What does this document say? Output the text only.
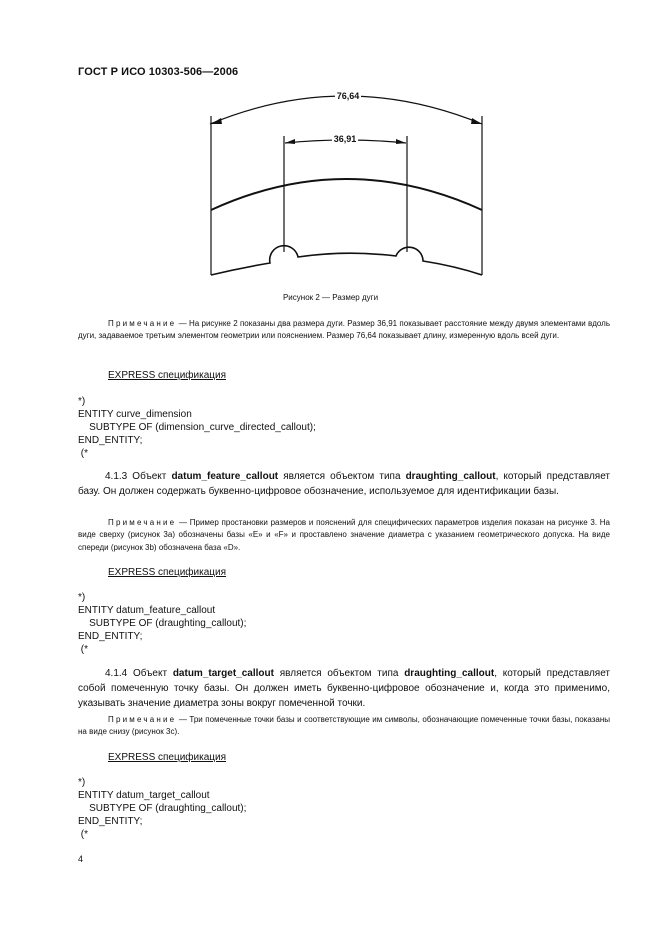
ГОСТ Р ИСО 10303-506—2006
76,64
36,91
Рисунок 2 — Размер дуги
Примечание — На рисунке 2 показаны два размера дуги. Размер 36,91 показывает расстояние между двумя элементами вдоль дуги, задаваемое третьим элементом геометрии или пояснением. Размер 76,64 показывает длину, измеренную вдоль всей дуги.
EXPRESS спецификация
*)
ENTITY curve_dimension
SUBTYPE OF (dimension_curve_directed_callout);
END_ENTITY;
(*
4.1.3 Объект datum_feature_callout является объектом типа draughting_callout, который представляет базу. Он должен содержать буквенно-цифровое обозначение, используемое для идентификации базы.
Примечание — Пример простановки размеров и пояснений для специфических параметров изделия показан на рисунке 3. На виде сверху (рисунок 3а) обозначены базы «Е» и «F» и проставлено значение диаметра с указанием геометрического допуска. На виде спереди (рисунок 3b) обозначена база «D».
EXPRESS спецификация
*)
ENTITY datum_feature_callout
SUBTYPE OF (draughting_callout);
END_ENTITY;
(*
4.1.4 Объект datum_target_callout является объектом типа draughting_callout, который представляет собой помеченную точку базы. Он должен иметь буквенно-цифровое обозначение и, когда это применимо, указывать значение диаметра зоны вокруг помеченной точки.
Примечание — Три помеченные точки базы и соответствующие им символы, обозначающие помеченные точки базы, показаны на виде снизу (рисунок 3с).
EXPRESS спецификация
*)
ENTITY datum_target_callout
SUBTYPE OF (draughting_callout);
END_ENTITY;
(*
4
